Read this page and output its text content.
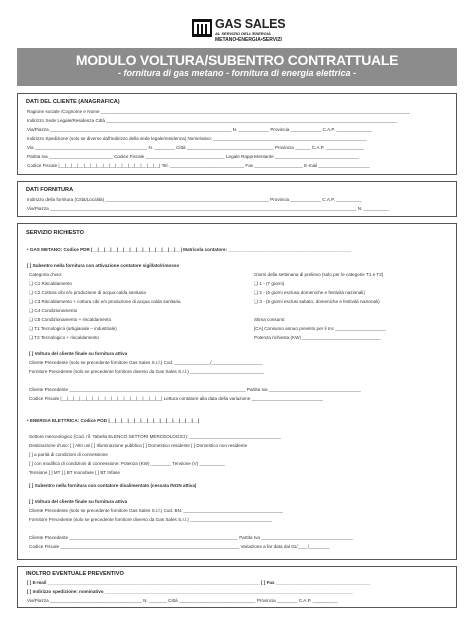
GAS SALES
AL SERVIZIO DELL'ENERGIA
METANO•ENERGIA•SERVIZI
MODULO VOLTURA/SUBENTRO CONTRATTUALE
- fornitura di gas metano - fornitura di energia elettrica -
DATI DEL CLIENTE (ANAGRAFICA)
Ragione sociale /Cognome e Nome _________________________________________________________________________________________________________________________
Indirizzo Sede Legale/Residenza Città __________________________________________________________________________________________________________________
Via/Piazza _______________________________________________________________________ N. ____________ Provincia ____________ C.A.P. ______________
Indirizzo Spedizione (solo se diverso dall'indirizzo della sede legale/residenza) Nome/ativo: ____________________________________________________________
Via ____________________________________________ N. ________ Città __________________________________ Provincia ______ C.A.P. _______________
Partita Iva _________________________ Codice Fiscale _______________________________ Legale Rappresentante _________________________________
Codice Fiscale |__|__|__|__|__|__|__|__|__|__|__|__|__|__|__|__| Tel. _____________________________ Fax ___________________ E-mail ____________________
DATI FORNITURA
Indirizzo della fornitura (Città/Località) ________________________________________________________________ Provincia ____________ C.A.P. __________
Via/Piazza ________________________________________________________________________________________________________________________ N. __________
SERVIZIO RICHIESTO
• GAS METANO: Codice PDR |__|__|__|__|__|__|__|__|__|__|__|__|__|__| Matricola contatore: ________________________________________________
[ ] Subentro nella fornitura con attivazione contatore sigillato/rimosso
Categoria d'uso:
❑ C1 Riscaldamento
❑ C2 Cottura cibi e/o produzione di acqua calda sanitaria
❑ C3 Riscaldamento + cottura cibi e/o produzione di acqua calda sanitaria
❑ C4 Condizionamento
❑ C5 Condizionamento + riscaldamento
❑ T1 Tecnologico (artigianale – industriale)
❑ T2 Tecnologico + riscaldamento
Giorni della settimana di prelievo (solo per le categorie T1 e T2)
❑ 1 - (7 giorni)
❑ 2 - (6 giorni esclusa domeniche e festività nazionali)
❑ 3 - (5 giorni esclusi sabato, domeniche e festività nazionali)
Stima consumi:
[CA] Consumo annuo previsto per il mc ____________________
Potenza richiesta (KW) _______________________________
[ ] Voltura del cliente finale su fornitura attiva
Cliente Precedente (solo se precedente fornitore Gas Sales S.r.l.) Cod. ______________/____________________
Fornitore Precedente (solo se precedente fornitore diverso da Gas Sales S.r.l.) _____________________________
Cliente Precedente _____________________________________________________________________ Partita Iva ____________________________________
Codice Fiscale |__|__|__|__|__|__|__|__|__|__|__|__|__|__|__|__| Lettura contatore alla data della variazione ____________________________
• ENERGIA ELETTRICA: Codice POD |__|__|__|__|__|__|__|__|__|__|__|__|__|__|
Settore merceologico (Cod. rif. Tabella ELENCO SETTORI MERCEOLOGICI): ____________________________________
Destinazione d'uso: [ ] Altri usi [ ] Illuminazione pubblica [ ] Domestico residente [ ] Domestico non residente
[ ] a parità di condizioni di connessione
[ ] con modifica di condizioni di connessione: Potenza (KW) ________ Tensione (V) __________
Tensione [ ] MT [ ] BT monofase [ ] BT trifase
[ ] Subentro nella fornitura con contatore disalimentato (cessata /NON attiva)
[ ] Voltura del cliente finale su fornitura attiva
Cliente Precedente (solo se precedente fornitore Gas Sales S.r.l.) Cod. BN. _______________________________________
Fornitore Precedente (solo se precedente fornitore diverso da Gas Sales S.r.l.) ________________________________
Cliente Precedente __________________________________________________________________ Partita Iva ____________________________________
Codice Fiscale ______________________________________________________________________ Variazione a far data dal 01/____/________
INOLTRO EVENTUALE PREVENTIVO
[ ] E-mail ___________________________________________________________________________________ [ ] Fax _____________________________________
[ ] Indirizzo spedizione: nominativo _________________________________________________________________________________________________
Via/Piazza ____________________________________ N. _______ Città ______________________________ Provincia ________ C.A.P. __________
